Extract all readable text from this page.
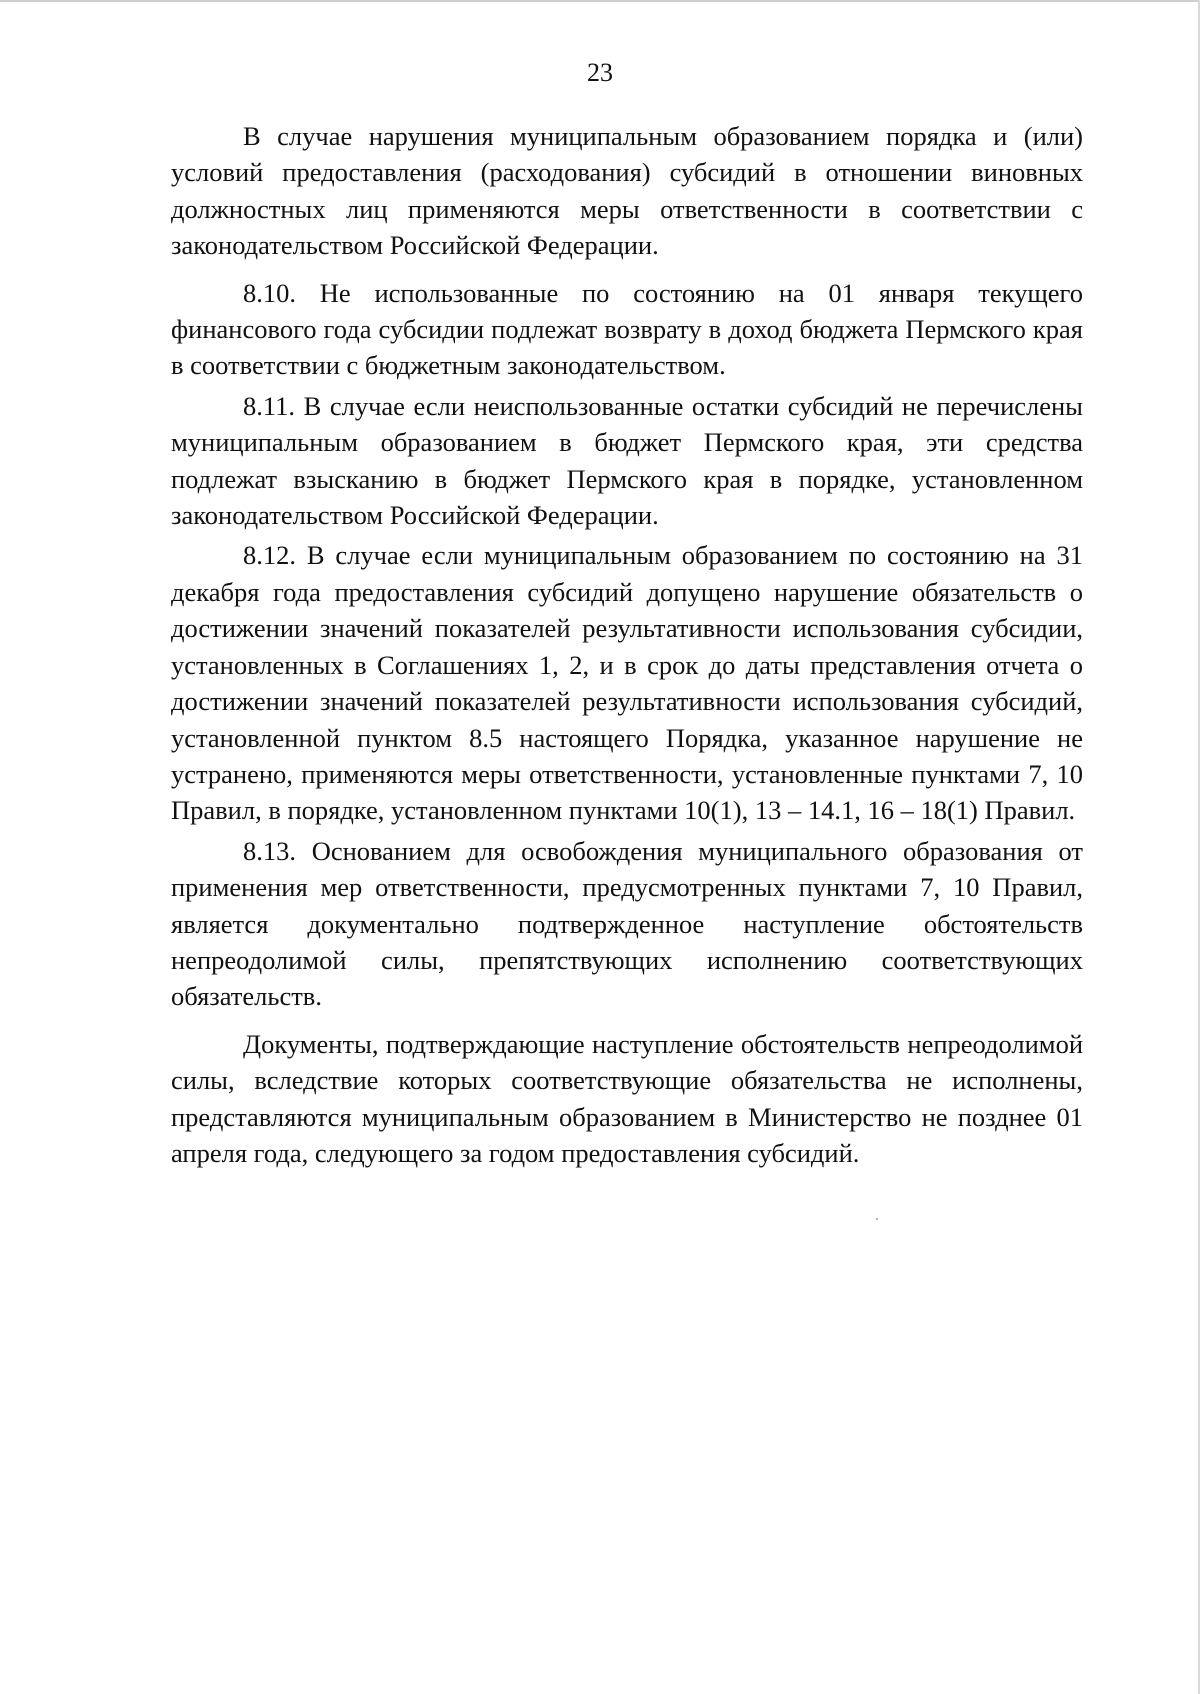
23

В случае нарушения муниципальным образованием порядка и (или) условий предоставления (расходования) субсидий в отношении виновных должностных лиц применяются меры ответственности в соответствии с законодательством Российской Федерации.

8.10. Не использованные по состоянию на 01 января текущего финансового года субсидии подлежат возврату в доход бюджета Пермского края в соответствии с бюджетным законодательством.

8.11. В случае если неиспользованные остатки субсидий не перечислены муниципальным образованием в бюджет Пермского края, эти средства подлежат взысканию в бюджет Пермского края в порядке, установленном законодательством Российской Федерации.

8.12. В случае если муниципальным образованием по состоянию на 31 декабря года предоставления субсидий допущено нарушение обязательств о достижении значений показателей результативности использования субсидии, установленных в Соглашениях 1, 2, и в срок до даты представления отчета о достижении значений показателей результативности использования субсидий, установленной пунктом 8.5 настоящего Порядка, указанное нарушение не устранено, применяются меры ответственности, установленные пунктами 7, 10 Правил, в порядке, установленном пунктами 10(1), 13 – 14.1, 16 – 18(1) Правил.

8.13. Основанием для освобождения муниципального образования от применения мер ответственности, предусмотренных пунктами 7, 10 Правил, является документально подтвержденное наступление обстоятельств непреодолимой силы, препятствующих исполнению соответствующих обязательств.

Документы, подтверждающие наступление обстоятельств непреодолимой силы, вследствие которых соответствующие обязательства не исполнены, представляются муниципальным образованием в Министерство не позднее 01 апреля года, следующего за годом предоставления субсидий.
